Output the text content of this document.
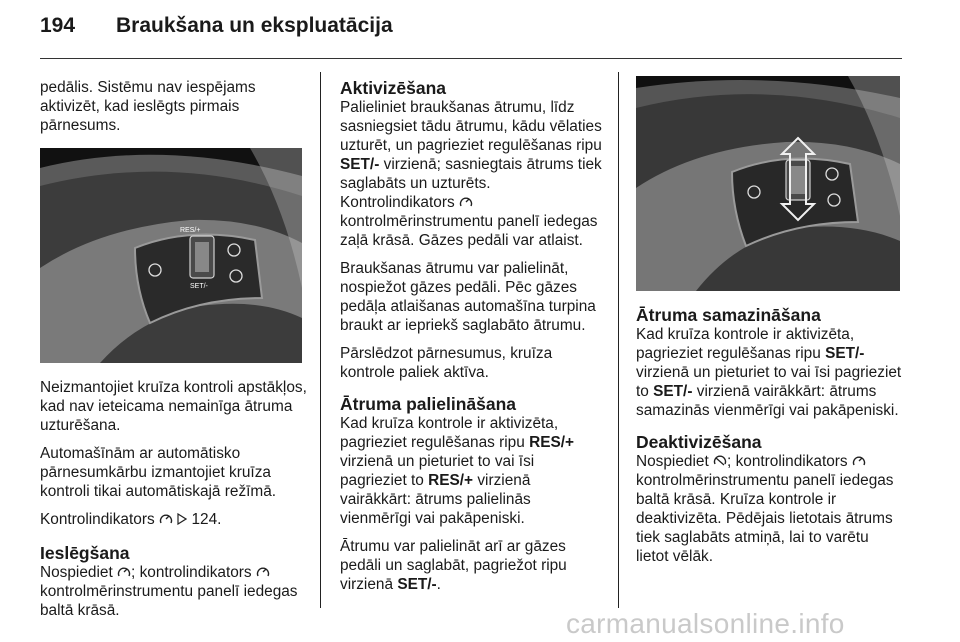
194 Braukšana un ekspluatācija

pedālis. Sistēmu nav iespējams aktivizēt, kad ieslēgts pirmais pārnesums.

RES/+
SET/-

Neizmantojiet kruīza kontroli apstākļos, kad nav ieteicama nemainīga ātruma uzturēšana.

Automašīnām ar automātisko pārnesumkārbu izmantojiet kruīza kontroli tikai automātiskajā režīmā.

Kontrolindikators 124.

Ieslēgšana

Nospiediet ; kontrolindikators  kontrolmērinstrumentu panelī iedegas baltā krāsā.

Aktivizēšana

Palieliniet braukšanas ātrumu, līdz sasniegsiet tādu ātrumu, kādu vēlaties uzturēt, un pagrieziet regulēšanas ripu SET/- virzienā; sasniegtais ātrums tiek saglabāts un uzturēts. Kontrolindikators  kontrolmērinstrumentu panelī iedegas zaļā krāsā. Gāzes pedāli var atlaist.

Braukšanas ātrumu var palielināt, nospiežot gāzes pedāli. Pēc gāzes pedāļa atlaišanas automašīna turpina braukt ar iepriekš saglabāto ātrumu.

Pārslēdzot pārnesumus, kruīza kontrole paliek aktīva.

Ātruma palielināšana

Kad kruīza kontrole ir aktivizēta, pagrieziet regulēšanas ripu RES/+ virzienā un pieturiet to vai īsi pagrieziet to RES/+ virzienā vairākkārt: ātrums palielinās vienmērīgi vai pakāpeniski.

Ātrumu var palielināt arī ar gāzes pedāli un saglabāt, pagriežot ripu virzienā SET/-.

Ātruma samazināšana

Kad kruīza kontrole ir aktivizēta, pagrieziet regulēšanas ripu SET/- virzienā un pieturiet to vai īsi pagrieziet to SET/- virzienā vairākkārt: ātrums samazinās vienmērīgi vai pakāpeniski.

Deaktivizēšana

Nospiediet ; kontrolindikators  kontrolmērinstrumentu panelī iedegas baltā krāsā. Kruīza kontrole ir deaktivizēta. Pēdējais lietotais ātrums tiek saglabāts atmiņā, lai to varētu lietot vēlāk.

carmanualsonline.info
